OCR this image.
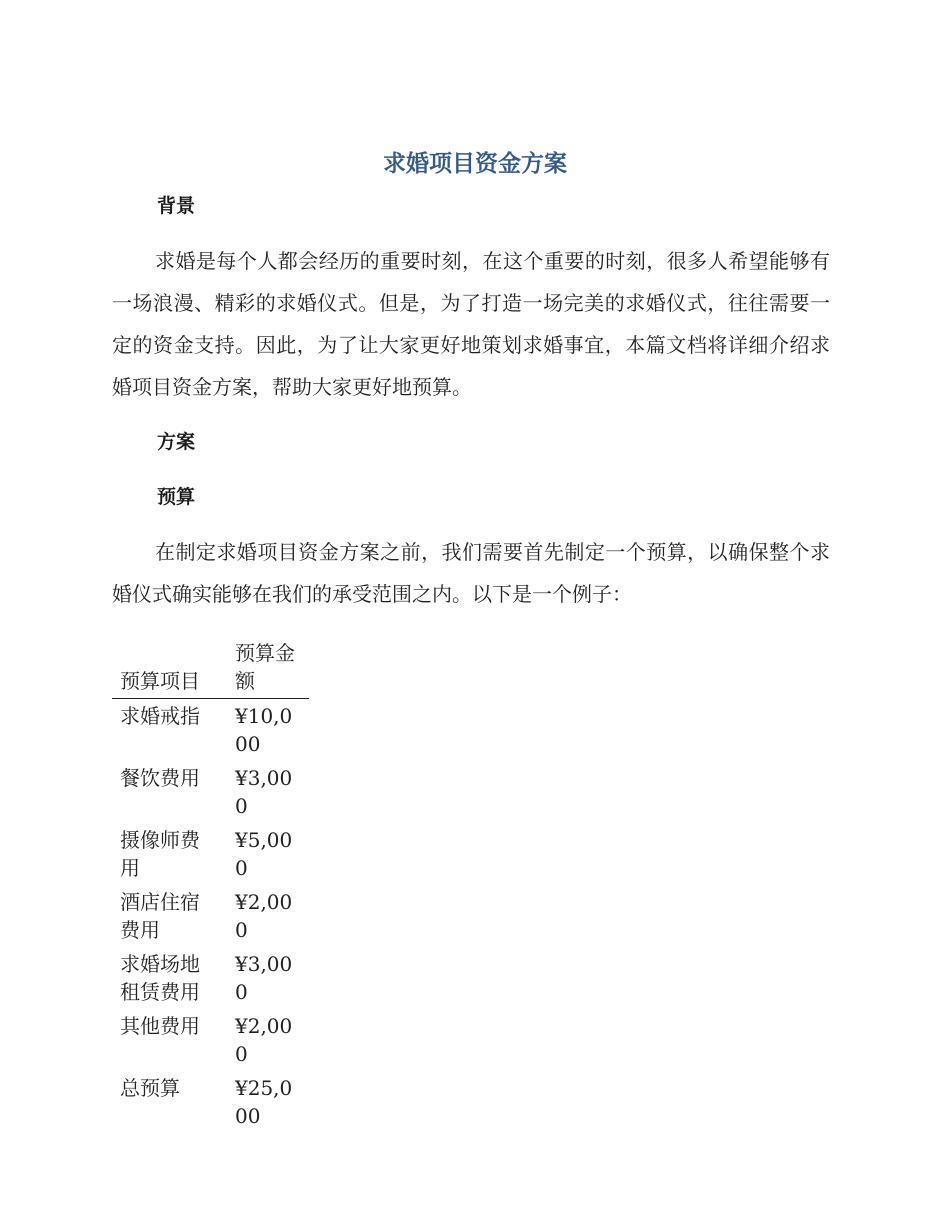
求婚项目资金方案
背景

求婚是每个人都会经历的重要时刻，在这个重要的时刻，很多人希望能够有一场浪漫、精彩的求婚仪式。但是，为了打造一场完美的求婚仪式，往往需要一定的资金支持。因此，为了让大家更好地策划求婚事宜，本篇文档将详细介绍求婚项目资金方案，帮助大家更好地预算。

方案
预算

在制定求婚项目资金方案之前，我们需要首先制定一个预算，以确保整个求婚仪式确实能够在我们的承受范围之内。以下是一个例子：

预算项目	预算金额
求婚戒指	¥10,000
餐饮费用	¥3,000
摄像师费用	¥5,000
酒店住宿费用	¥2,000
求婚场地租赁费用	¥3,000
其他费用	¥2,000
总预算	¥25,000
